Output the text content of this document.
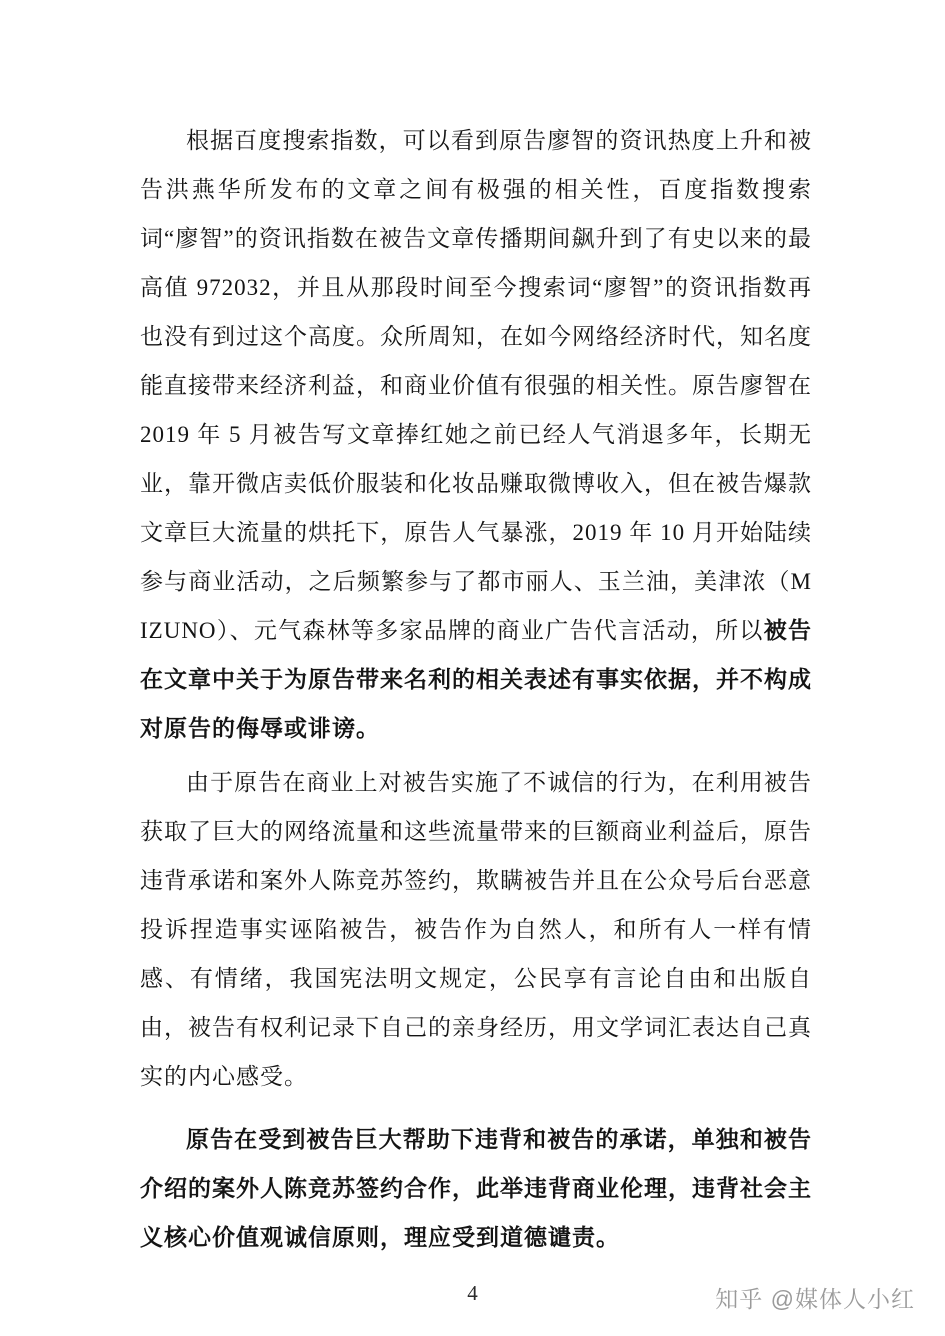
根据百度搜索指数，可以看到原告廖智的资讯热度上升和被告洪燕华所发布的文章之间有极强的相关性，百度指数搜索词“廖智”的资讯指数在被告文章传播期间飙升到了有史以来的最高值 972032，并且从那段时间至今搜索词“廖智”的资讯指数再也没有到过这个高度。众所周知，在如今网络经济时代，知名度能直接带来经济利益，和商业价值有很强的相关性。原告廖智在 2019 年 5 月被告写文章捧红她之前已经人气消退多年，长期无业，靠开微店卖低价服装和化妆品赚取微博收入，但在被告爆款文章巨大流量的烘托下，原告人气暴涨，2019 年 10 月开始陆续参与商业活动，之后频繁参与了都市丽人、玉兰油，美津浓（MIZUNO）、元气森林等多家品牌的商业广告代言活动，所以被告在文章中关于为原告带来名利的相关表述有事实依据，并不构成对原告的侮辱或诽谤。

由于原告在商业上对被告实施了不诚信的行为，在利用被告获取了巨大的网络流量和这些流量带来的巨额商业利益后，原告违背承诺和案外人陈竞苏签约，欺瞒被告并且在公众号后台恶意投诉捏造事实诬陷被告，被告作为自然人，和所有人一样有情感、有情绪，我国宪法明文规定，公民享有言论自由和出版自由，被告有权利记录下自己的亲身经历，用文学词汇表达自己真实的内心感受。

原告在受到被告巨大帮助下违背和被告的承诺，单独和被告介绍的案外人陈竞苏签约合作，此举违背商业伦理，违背社会主义核心价值观诚信原则，理应受到道德谴责。

4	知乎 @媒体人小红
